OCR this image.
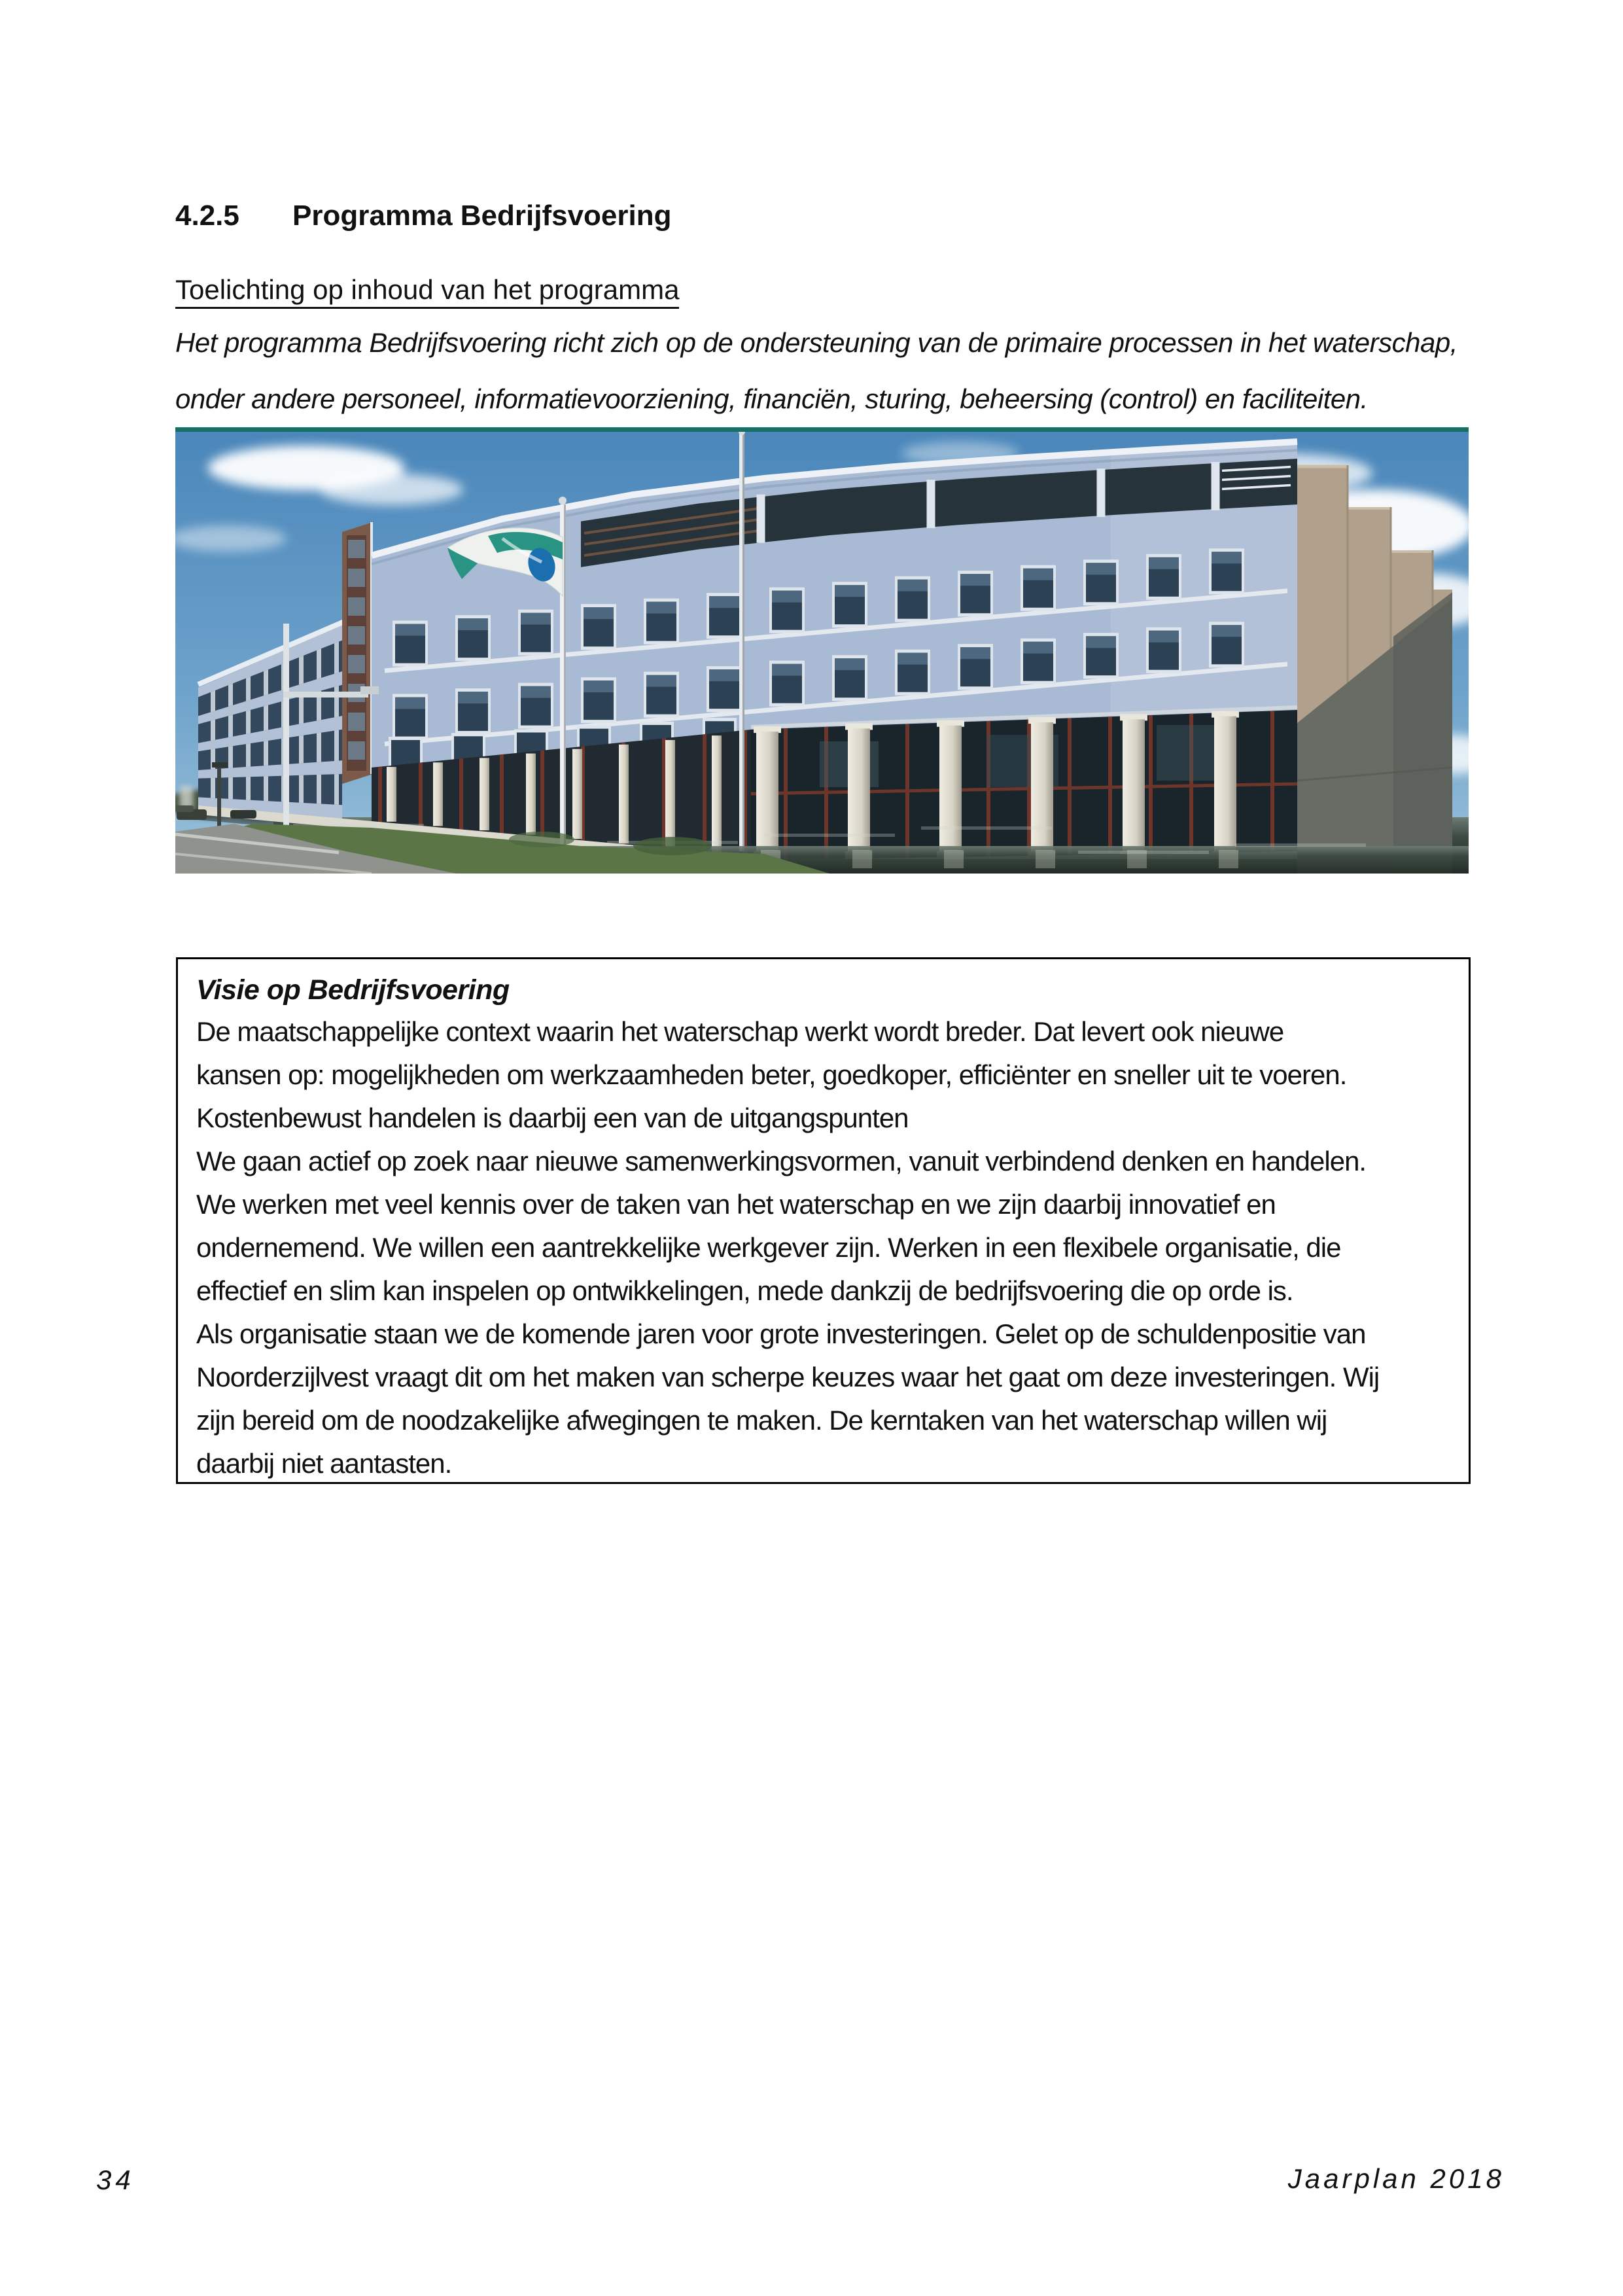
4.2.5 Programma Bedrijfsvoering
Toelichting op inhoud van het programma
Het programma Bedrijfsvoering richt zich op de ondersteuning van de primaire processen in het waterschap,
onder andere personeel, informatievoorziening, financiën, sturing, beheersing (control) en faciliteiten.
Visie op Bedrijfsvoering
De maatschappelijke context waarin het waterschap werkt wordt breder. Dat levert ook nieuwe
kansen op: mogelijkheden om werkzaamheden beter, goedkoper, efficiënter en sneller uit te voeren.
Kostenbewust handelen is daarbij een van de uitgangspunten
We gaan actief op zoek naar nieuwe samenwerkingsvormen, vanuit verbindend denken en handelen.
We werken met veel kennis over de taken van het waterschap en we zijn daarbij innovatief en
ondernemend. We willen een aantrekkelijke werkgever zijn. Werken in een flexibele organisatie, die
effectief en slim kan inspelen op ontwikkelingen, mede dankzij de bedrijfsvoering die op orde is.
Als organisatie staan we de komende jaren voor grote investeringen. Gelet op de schuldenpositie van
Noorderzijlvest vraagt dit om het maken van scherpe keuzes waar het gaat om deze investeringen. Wij
zijn bereid om de noodzakelijke afwegingen te maken. De kerntaken van het waterschap willen wij
daarbij niet aantasten.
34	Jaarplan 2018
